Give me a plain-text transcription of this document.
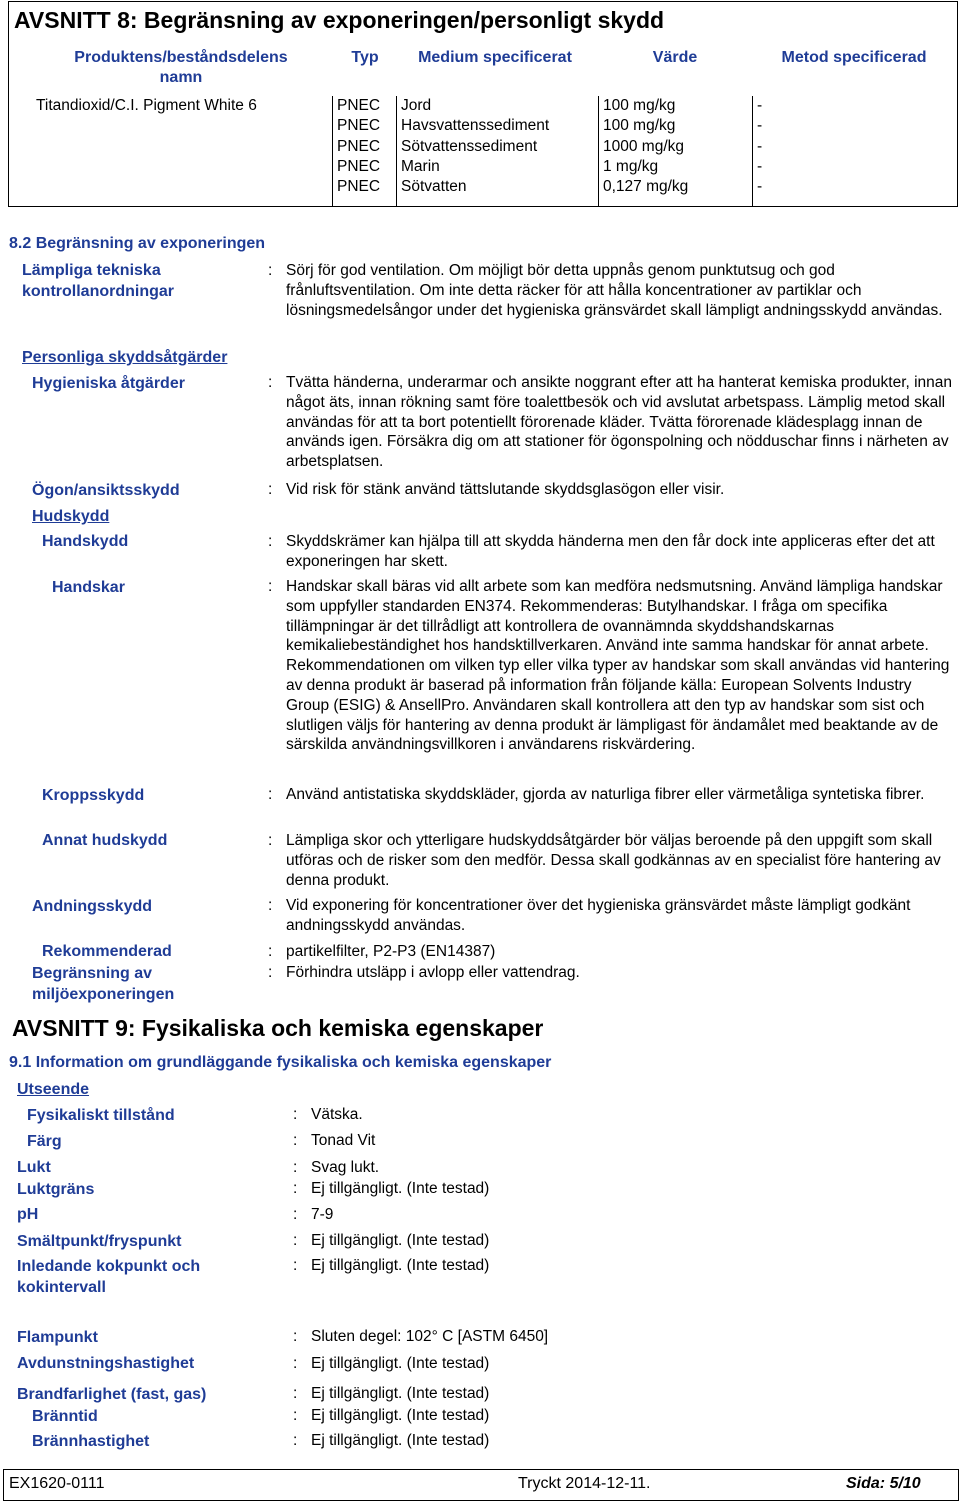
AVSNITT 8: Begränsning av exponeringen/personligt skydd
Produktens/beståndsdelens namn
Typ	Medium specificerat	Värde	Metod specificerad
Titandioxid/C.I. Pigment White 6	PNEC Jord	100 mg/kg	-
PNEC Havsvattenssediment	100 mg/kg	-
PNEC Sötvattenssediment	1000 mg/kg	-
PNEC Marin	1 mg/kg	-
PNEC Sötvatten	0,127 mg/kg	-
8.2 Begränsning av exponeringen
Lämpliga tekniska kontrollanordningar
: Sörj för god ventilation. Om möjligt bör detta uppnås genom punktutsug och god frånluftsventilation. Om inte detta räcker för att hålla koncentrationer av partiklar och lösningsmedelsångor under det hygieniska gränsvärdet skall lämpligt andningsskydd användas.
Personliga skyddsåtgärder
Hygieniska åtgärder	: Tvätta händerna, underarmar och ansikte noggrant efter att ha hanterat kemiska produkter, innan något äts, innan rökning samt före toalettbesök och vid avslutat arbetspass. Lämplig metod skall användas för att ta bort potentiellt förorenade kläder. Tvätta förorenade klädesplagg innan de används igen. Försäkra dig om att stationer för ögonspolning och nödduschar finns i närheten av arbetsplatsen.
Ögon/ansiktsskydd	: Vid risk för stänk använd tättslutande skyddsglasögon eller visir.
Hudskydd
Handskydd	: Skyddskrämer kan hjälpa till att skydda händerna men den får dock inte appliceras efter det att exponeringen har skett.
Handskar	: Handskar skall bäras vid allt arbete som kan medföra nedsmutsning. Använd lämpliga handskar som uppfyller standarden EN374. Rekommenderas: Butylhandskar. I fråga om specifika tillämpningar är det tillrådligt att kontrollera de ovannämnda skyddshandskarnas kemikaliebeständighet hos handsktillverkaren. Använd inte samma handskar för annat arbete. Rekommendationen om vilken typ eller vilka typer av handskar som skall användas vid hantering av denna produkt är baserad på information från följande källa: European Solvents Industry Group (ESIG) & AnsellPro. Användaren skall kontrollera att den typ av handskar som sist och slutligen väljs för hantering av denna produkt är lämpligast för ändamålet med beaktande av de särskilda användningsvillkoren i användarens riskvärdering.
Kroppsskydd	: Använd antistatiska skyddskläder, gjorda av naturliga fibrer eller värmetåliga syntetiska fibrer.
Annat hudskydd	: Lämpliga skor och ytterligare hudskyddsåtgärder bör väljas beroende på den uppgift som skall utföras och de risker som den medför. Dessa skall godkännas av en specialist före hantering av denna produkt.
Andningsskydd	: Vid exponering för koncentrationer över det hygieniska gränsvärdet måste lämpligt godkänt andningsskydd användas.
Rekommenderad	: partikelfilter, P2-P3 (EN14387)
Begränsning av miljöexponeringen
: Förhindra utsläpp i avlopp eller vattendrag.
AVSNITT 9: Fysikaliska och kemiska egenskaper
9.1 Information om grundläggande fysikaliska och kemiska egenskaper
Utseende
Fysikaliskt tillstånd	: Vätska.
Färg	: Tonad Vit
Lukt	: Svag lukt.
Luktgräns	: Ej tillgängligt. (Inte testad)
pH	: 7-9
Smältpunkt/fryspunkt	: Ej tillgängligt. (Inte testad)
Inledande kokpunkt och kokintervall
: Ej tillgängligt. (Inte testad)
Flampunkt	: Sluten degel: 102° C [ASTM 6450]
Avdunstningshastighet	: Ej tillgängligt. (Inte testad)
Brandfarlighet (fast, gas)	: Ej tillgängligt. (Inte testad)
Bränntid	: Ej tillgängligt. (Inte testad)
Brännhastighet	: Ej tillgängligt. (Inte testad)
EX1620-0111	Tryckt 2014-12-11.	Sida: 5/10
